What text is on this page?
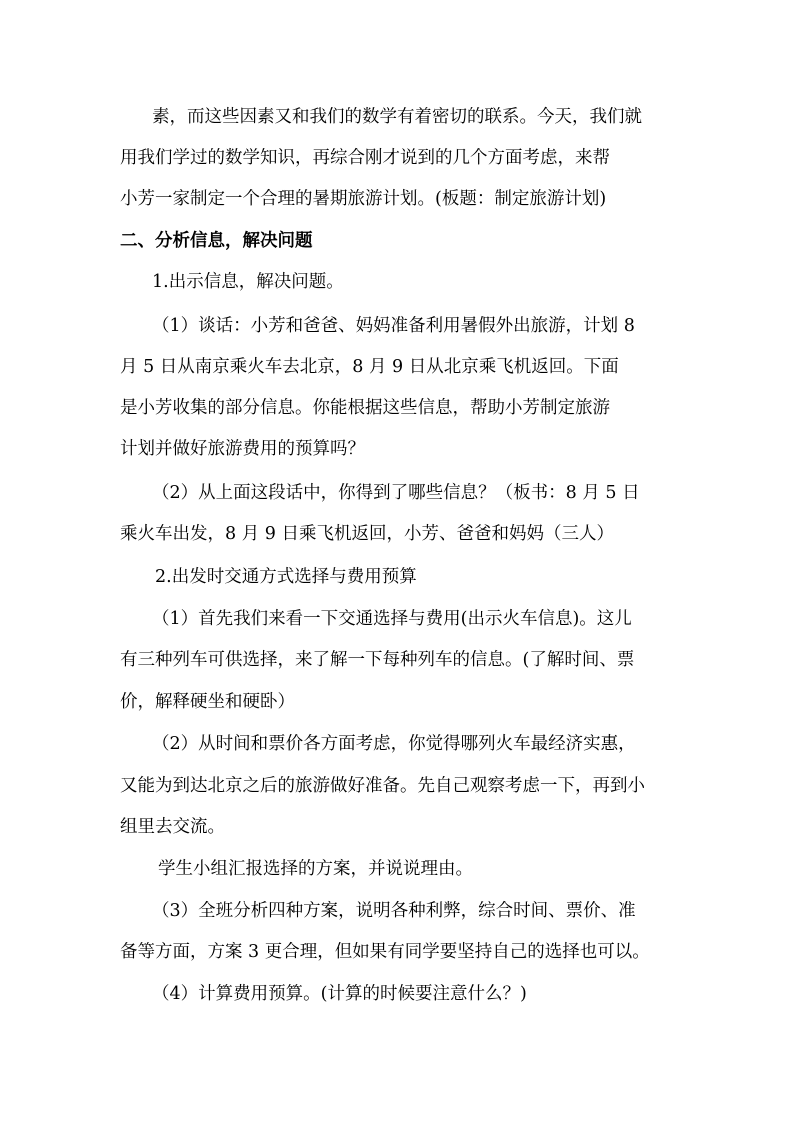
素，而这些因素又和我们的数学有着密切的联系。今天，我们就
用我们学过的数学知识，再综合刚才说到的几个方面考虑，来帮
小芳一家制定一个合理的暑期旅游计划。(板题：制定旅游计划)
二、分析信息，解决问题
1.出示信息，解决问题。
（1）谈话：小芳和爸爸、妈妈准备利用暑假外出旅游，计划 8
月 5 日从南京乘火车去北京，8 月 9 日从北京乘飞机返回。下面
是小芳收集的部分信息。你能根据这些信息，帮助小芳制定旅游
计划并做好旅游费用的预算吗？
（2）从上面这段话中，你得到了哪些信息？（板书：8 月 5 日
乘火车出发，8 月 9 日乘飞机返回，小芳、爸爸和妈妈（三人）
2.出发时交通方式选择与费用预算
（1）首先我们来看一下交通选择与费用(出示火车信息)。这儿
有三种列车可供选择，来了解一下每种列车的信息。(了解时间、票
价，解释硬坐和硬卧）
（2）从时间和票价各方面考虑，你觉得哪列火车最经济实惠，
又能为到达北京之后的旅游做好准备。先自己观察考虑一下，再到小
组里去交流。
学生小组汇报选择的方案，并说说理由。
（3）全班分析四种方案，说明各种利弊，综合时间、票价、准
备等方面，方案 3 更合理，但如果有同学要坚持自己的选择也可以。
（4）计算费用预算。(计算的时候要注意什么？)
